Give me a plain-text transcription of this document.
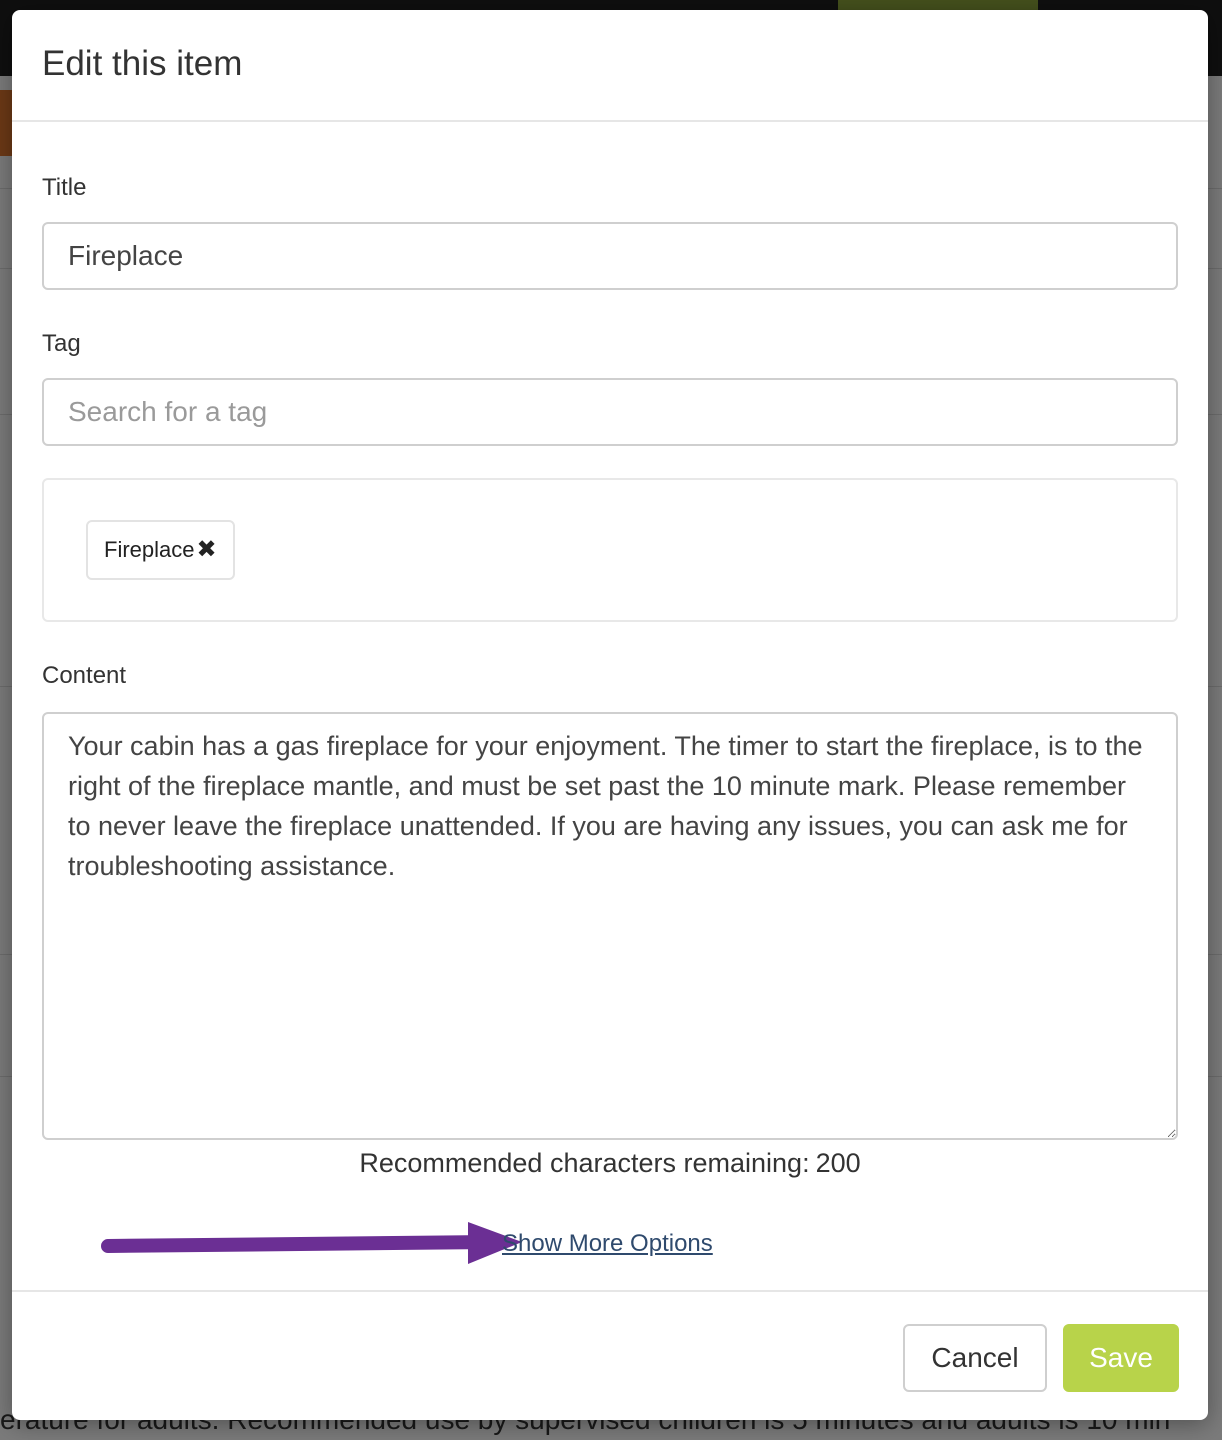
Edit this item
Title
Fireplace
Tag
Search for a tag
Fireplace ✖
Content
Your cabin has a gas fireplace for your enjoyment. The timer to start the fireplace, is to the right of the fireplace mantle, and must be set past the 10 minute mark. Please remember to never leave the fireplace unattended. If you are having any issues, you can ask me for troubleshooting assistance.
Recommended characters remaining: 200
Show More Options
Cancel	Save
